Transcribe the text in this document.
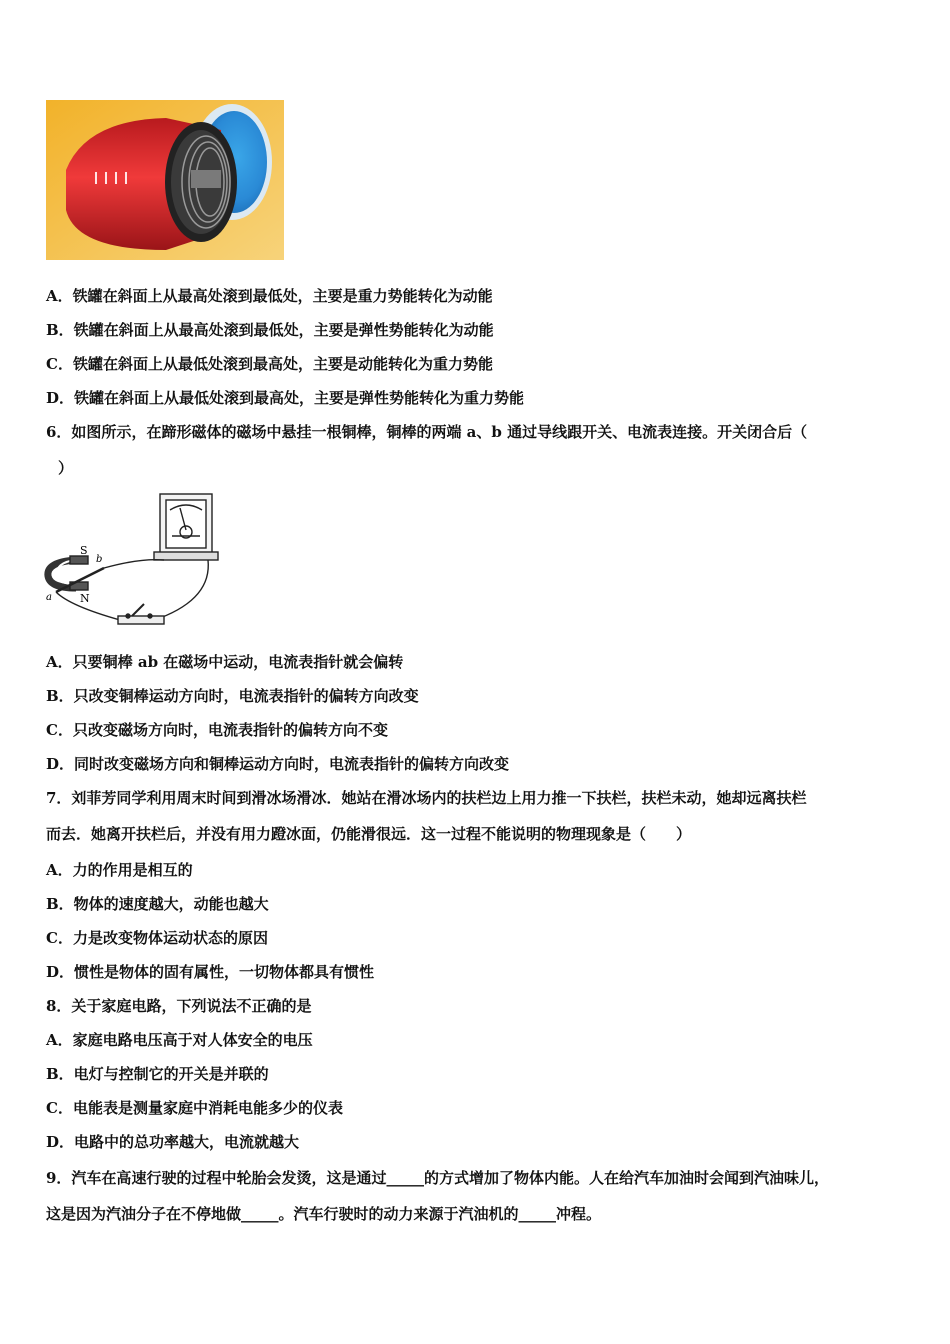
A．铁罐在斜面上从最高处滚到最低处，主要是重力势能转化为动能
B．铁罐在斜面上从最高处滚到最低处，主要是弹性势能转化为动能
C．铁罐在斜面上从最低处滚到最高处，主要是动能转化为重力势能
D．铁罐在斜面上从最低处滚到最高处，主要是弹性势能转化为重力势能
6．如图所示，在蹄形磁体的磁场中悬挂一根铜棒，铜棒的两端 a、b 通过导线跟开关、电流表连接。开关闭合后（
）
S
b
a	N
A．只要铜棒 ab 在磁场中运动，电流表指针就会偏转
B．只改变铜棒运动方向时，电流表指针的偏转方向改变
C．只改变磁场方向时，电流表指针的偏转方向不变
D．同时改变磁场方向和铜棒运动方向时，电流表指针的偏转方向改变
7．刘菲芳同学利用周末时间到滑冰场滑冰．她站在滑冰场内的扶栏边上用力推一下扶栏，扶栏未动，她却远离扶栏
而去．她离开扶栏后，并没有用力蹬冰面，仍能滑很远．这一过程不能说明的物理现象是（　　）
A．力的作用是相互的
B．物体的速度越大，动能也越大
C．力是改变物体运动状态的原因
D．惯性是物体的固有属性，一切物体都具有惯性
8．关于家庭电路，下列说法不正确的是
A．家庭电路电压高于对人体安全的电压
B．电灯与控制它的开关是并联的
C．电能表是测量家庭中消耗电能多少的仪表
D．电路中的总功率越大，电流就越大
9．汽车在高速行驶的过程中轮胎会发烫，这是通过_____的方式增加了物体内能。人在给汽车加油时会闻到汽油味儿，
这是因为汽油分子在不停地做_____。汽车行驶时的动力来源于汽油机的_____冲程。
